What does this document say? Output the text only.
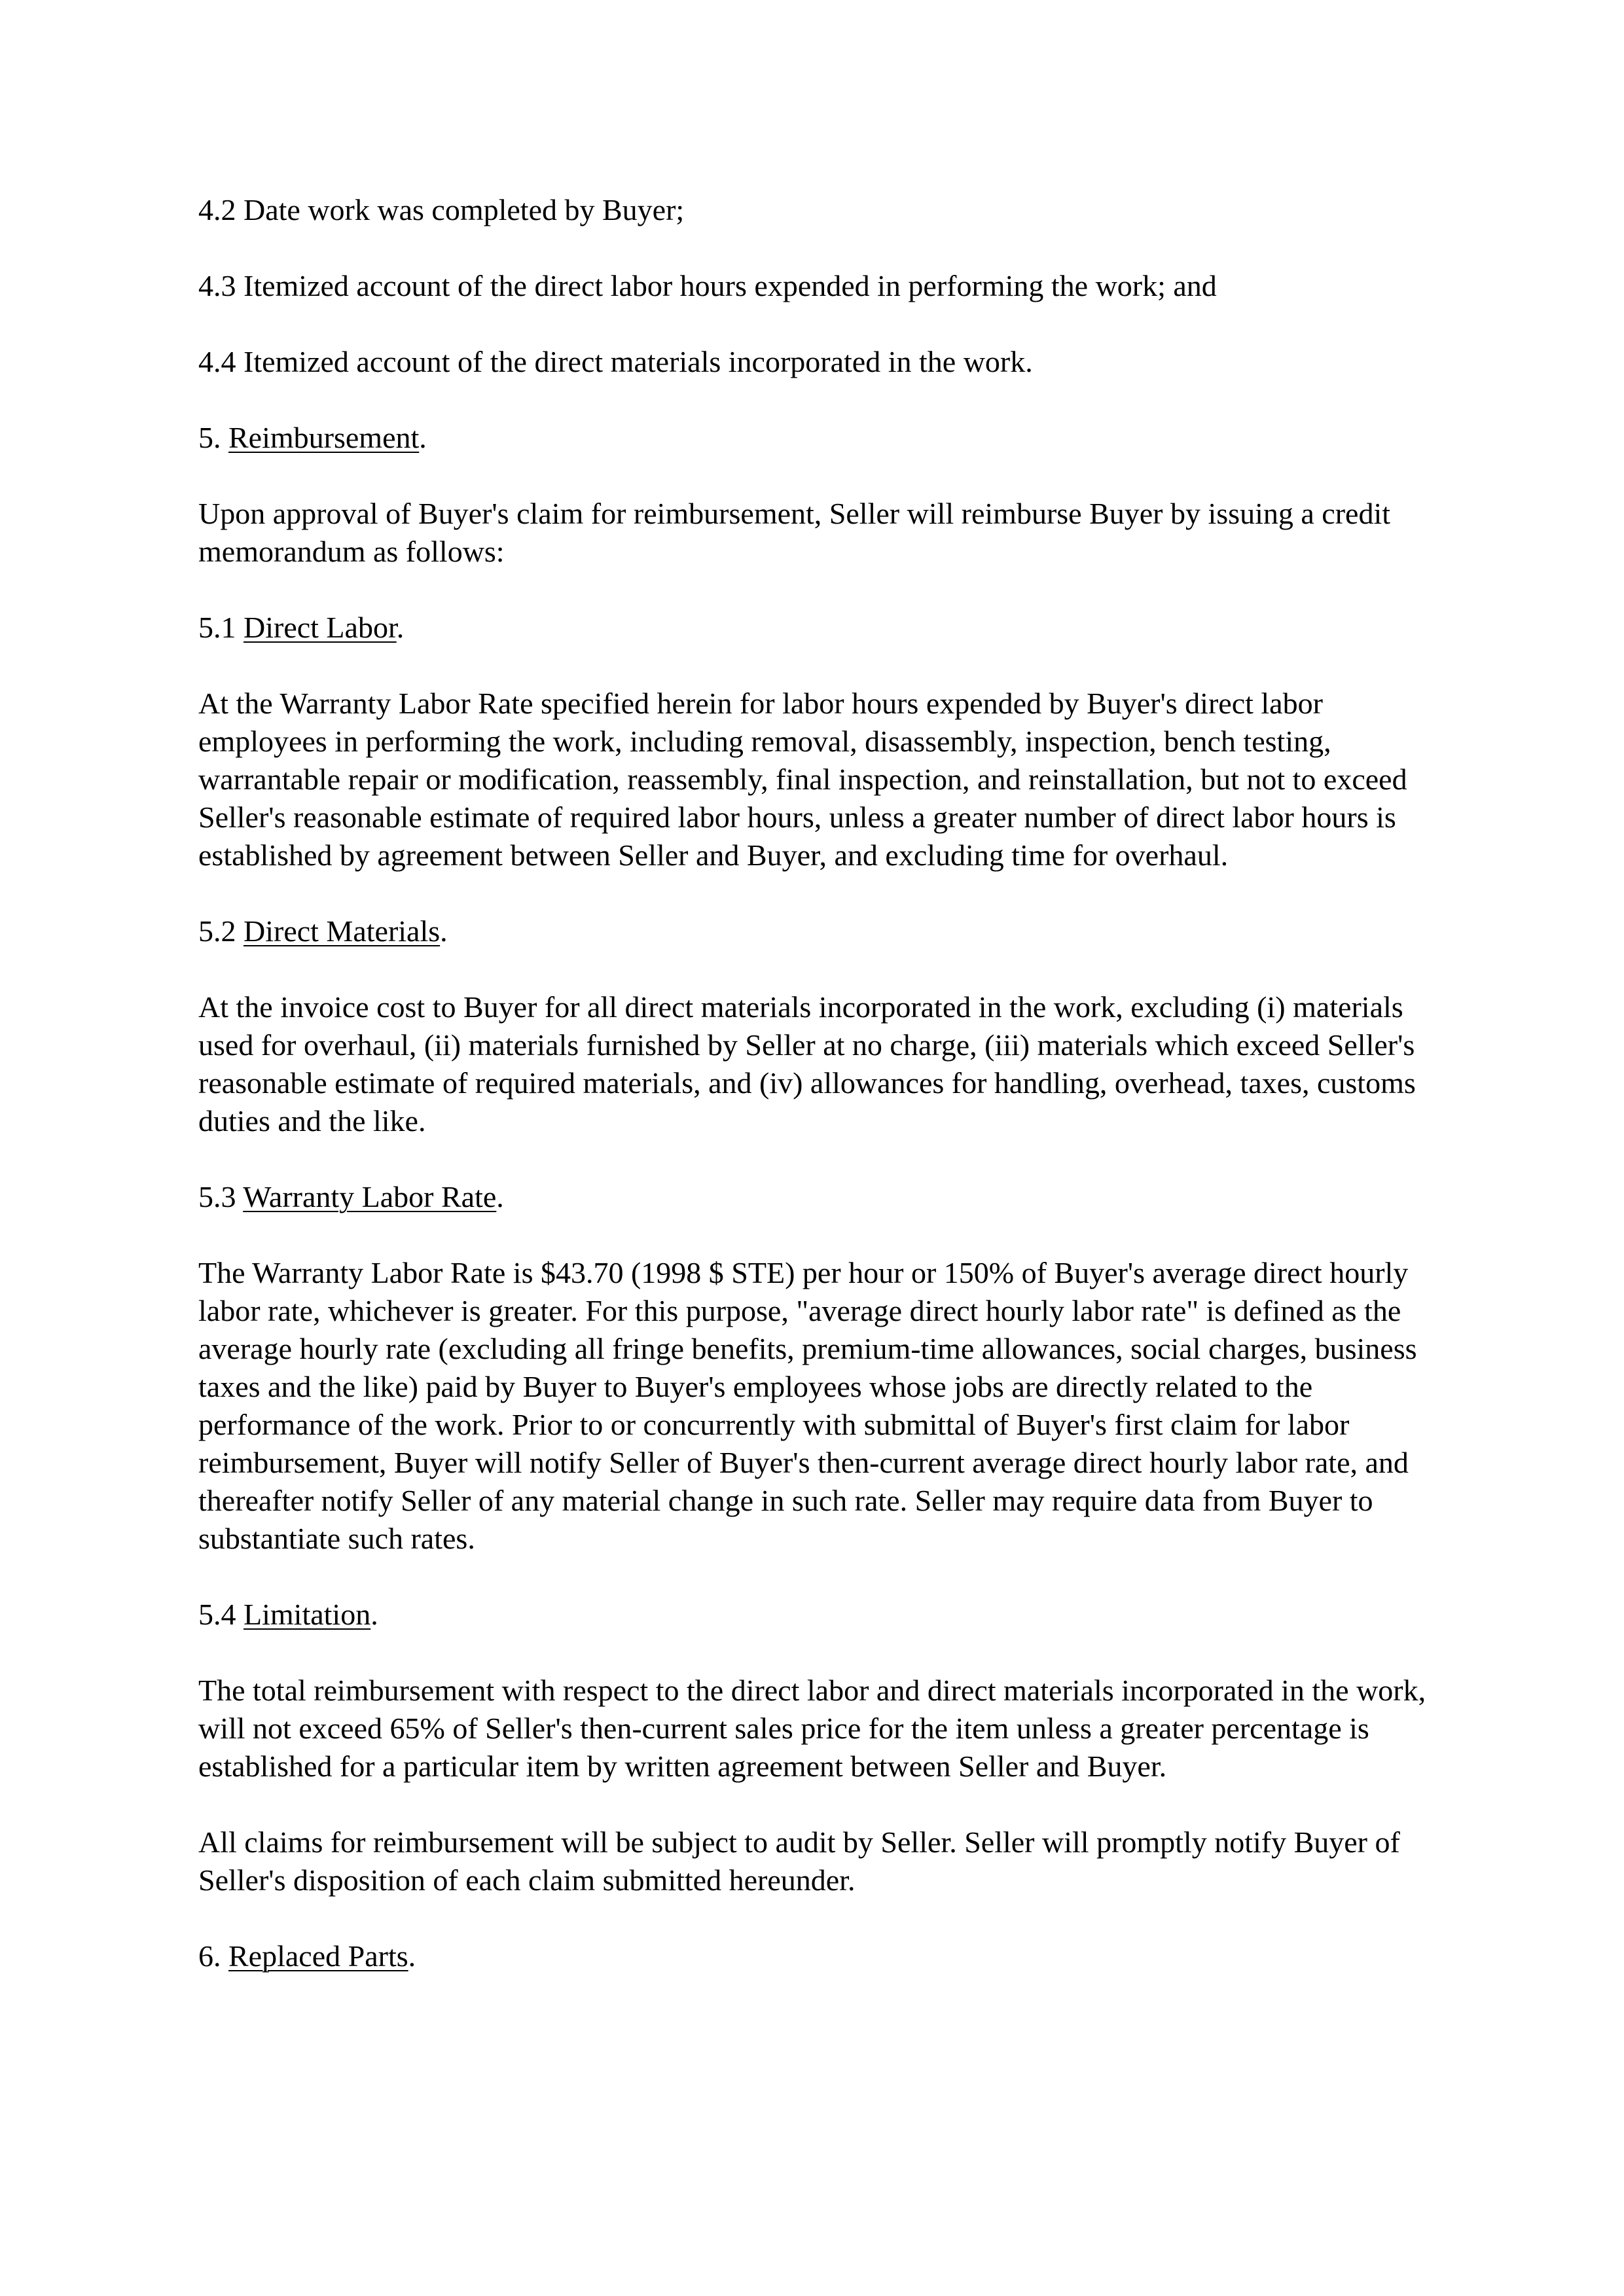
4.2 Date work was completed by Buyer;

4.3 Itemized account of the direct labor hours expended in performing the work; and

4.4 Itemized account of the direct materials incorporated in the work.

5. Reimbursement.

Upon approval of Buyer's claim for reimbursement, Seller will reimburse Buyer by issuing a credit memorandum as follows:

5.1 Direct Labor.

At the Warranty Labor Rate specified herein for labor hours expended by Buyer's direct labor employees in performing the work, including removal, disassembly, inspection, bench testing, warrantable repair or modification, reassembly, final inspection, and reinstallation, but not to exceed Seller's reasonable estimate of required labor hours, unless a greater number of direct labor hours is established by agreement between Seller and Buyer, and excluding time for overhaul.

5.2 Direct Materials.

At the invoice cost to Buyer for all direct materials incorporated in the work, excluding (i) materials used for overhaul, (ii) materials furnished by Seller at no charge, (iii) materials which exceed Seller's reasonable estimate of required materials, and (iv) allowances for handling, overhead, taxes, customs duties and the like.

5.3 Warranty Labor Rate.

The Warranty Labor Rate is $43.70 (1998 $ STE) per hour or 150% of Buyer's average direct hourly labor rate, whichever is greater. For this purpose, "average direct hourly labor rate" is defined as the average hourly rate (excluding all fringe benefits, premium-time allowances, social charges, business taxes and the like) paid by Buyer to Buyer's employees whose jobs are directly related to the performance of the work. Prior to or concurrently with submittal of Buyer's first claim for labor reimbursement, Buyer will notify Seller of Buyer's then-current average direct hourly labor rate, and thereafter notify Seller of any material change in such rate. Seller may require data from Buyer to substantiate such rates.

5.4 Limitation.

The total reimbursement with respect to the direct labor and direct materials incorporated in the work, will not exceed 65% of Seller's then-current sales price for the item unless a greater percentage is established for a particular item by written agreement between Seller and Buyer.

All claims for reimbursement will be subject to audit by Seller. Seller will promptly notify Buyer of Seller's disposition of each claim submitted hereunder.

6. Replaced Parts.
